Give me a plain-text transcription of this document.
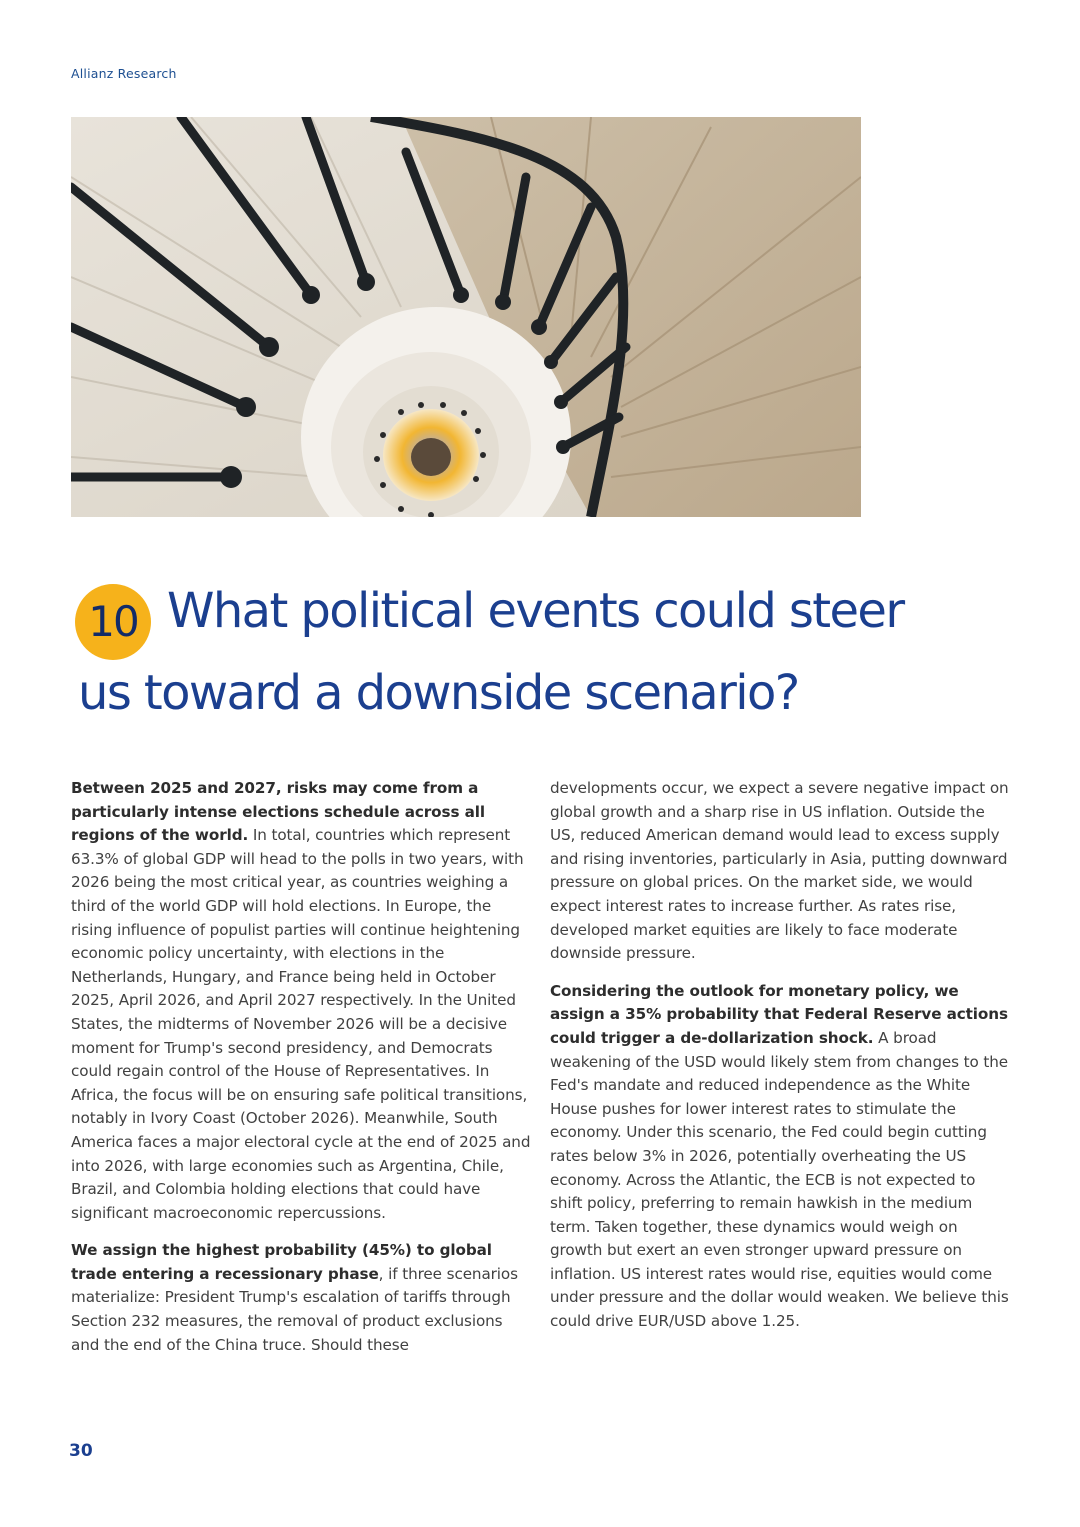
Allianz Research
10 What political events could steer
us toward a downside scenario?

Between 2025 and 2027, risks may come from a particularly intense elections schedule across all regions of the world. In total, countries which represent 63.3% of global GDP will head to the polls in two years, with 2026 being the most critical year, as countries weighing a third of the world GDP will hold elections. In Europe, the rising influence of populist parties will continue heightening economic policy uncertainty, with elections in the Netherlands, Hungary, and France being held in October 2025, April 2026, and April 2027 respectively. In the United States, the midterms of November 2026 will be a decisive moment for Trump's second presidency, and Democrats could regain control of the House of Representatives. In Africa, the focus will be on ensuring safe political transitions, notably in Ivory Coast (October 2026). Meanwhile, South America faces a major electoral cycle at the end of 2025 and into 2026, with large economies such as Argentina, Chile, Brazil, and Colombia holding elections that could have significant macroeconomic repercussions.

We assign the highest probability (45%) to global trade entering a recessionary phase, if three scenarios materialize: President Trump's escalation of tariffs through Section 232 measures, the removal of product exclusions and the end of the China truce. Should these

developments occur, we expect a severe negative impact on global growth and a sharp rise in US inflation. Outside the US, reduced American demand would lead to excess supply and rising inventories, particularly in Asia, putting downward pressure on global prices. On the market side, we would expect interest rates to increase further. As rates rise, developed market equities are likely to face moderate downside pressure.

Considering the outlook for monetary policy, we assign a 35% probability that Federal Reserve actions could trigger a de-dollarization shock. A broad weakening of the USD would likely stem from changes to the Fed's mandate and reduced independence as the White House pushes for lower interest rates to stimulate the economy. Under this scenario, the Fed could begin cutting rates below 3% in 2026, potentially overheating the US economy. Across the Atlantic, the ECB is not expected to shift policy, preferring to remain hawkish in the medium term. Taken together, these dynamics would weigh on growth but exert an even stronger upward pressure on inflation. US interest rates would rise, equities would come under pressure and the dollar would weaken. We believe this could drive EUR/USD above 1.25.

30
